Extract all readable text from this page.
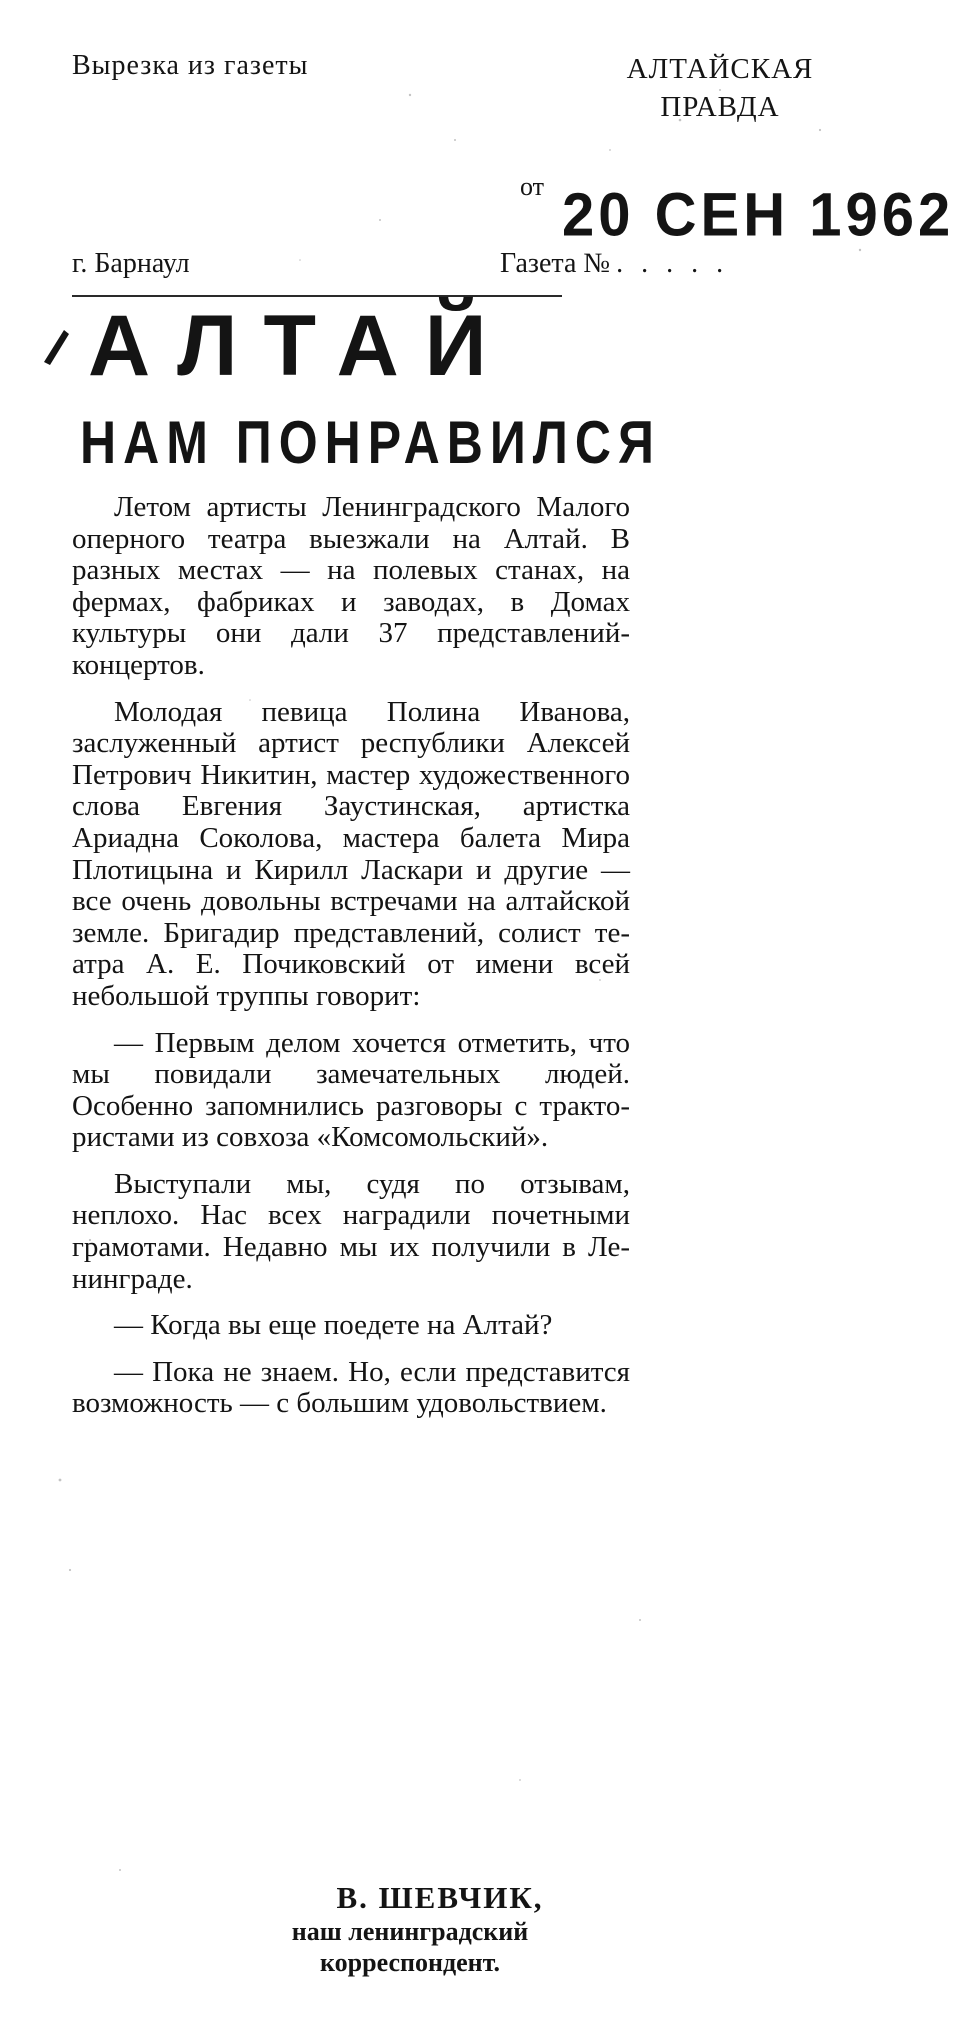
Вырезка из газеты	АЛТАЙСКАЯ
ПРАВДА
от 20 СЕН 1962
г. Барнаул	Газета № .....
АЛТАЙ
НАМ ПОНРАВИЛСЯ

Летом артисты Ленинградского Малого оперного театра выезжали на Алтай. В разных местах — на полевых станах, на фермах, фабриках и заводах, в Домах культуры они дали 37 представлений-концертов.

Молодая певица Полина Иванова, заслуженный артист республики Алексей Петрович Никитин, мастер художественного слова Евгения Заустинская, артистка Ариадна Соколова, мастера балета Мира Плотицына и Кирилл Ласкари и другие — все очень довольны встречами на алтайской земле. Бригадир представлений, солист театра А. Е. Почиковский от имени всей небольшой труппы говорит:

— Первым делом хочется отметить, что мы повидали замечательных людей. Особенно запомнились разговоры с трактористами из совхоза «Комсомольский».

Выступали мы, судя по отзывам, неплохо. Нас всех наградили почетными грамотами. Недавно мы их получили в Ленинграде.

— Когда вы еще поедете на Алтай?

— Пока не знаем. Но, если представится возможность — с большим удовольствием.

В. ШЕВЧИК,
наш ленинградский
корреспондент.
